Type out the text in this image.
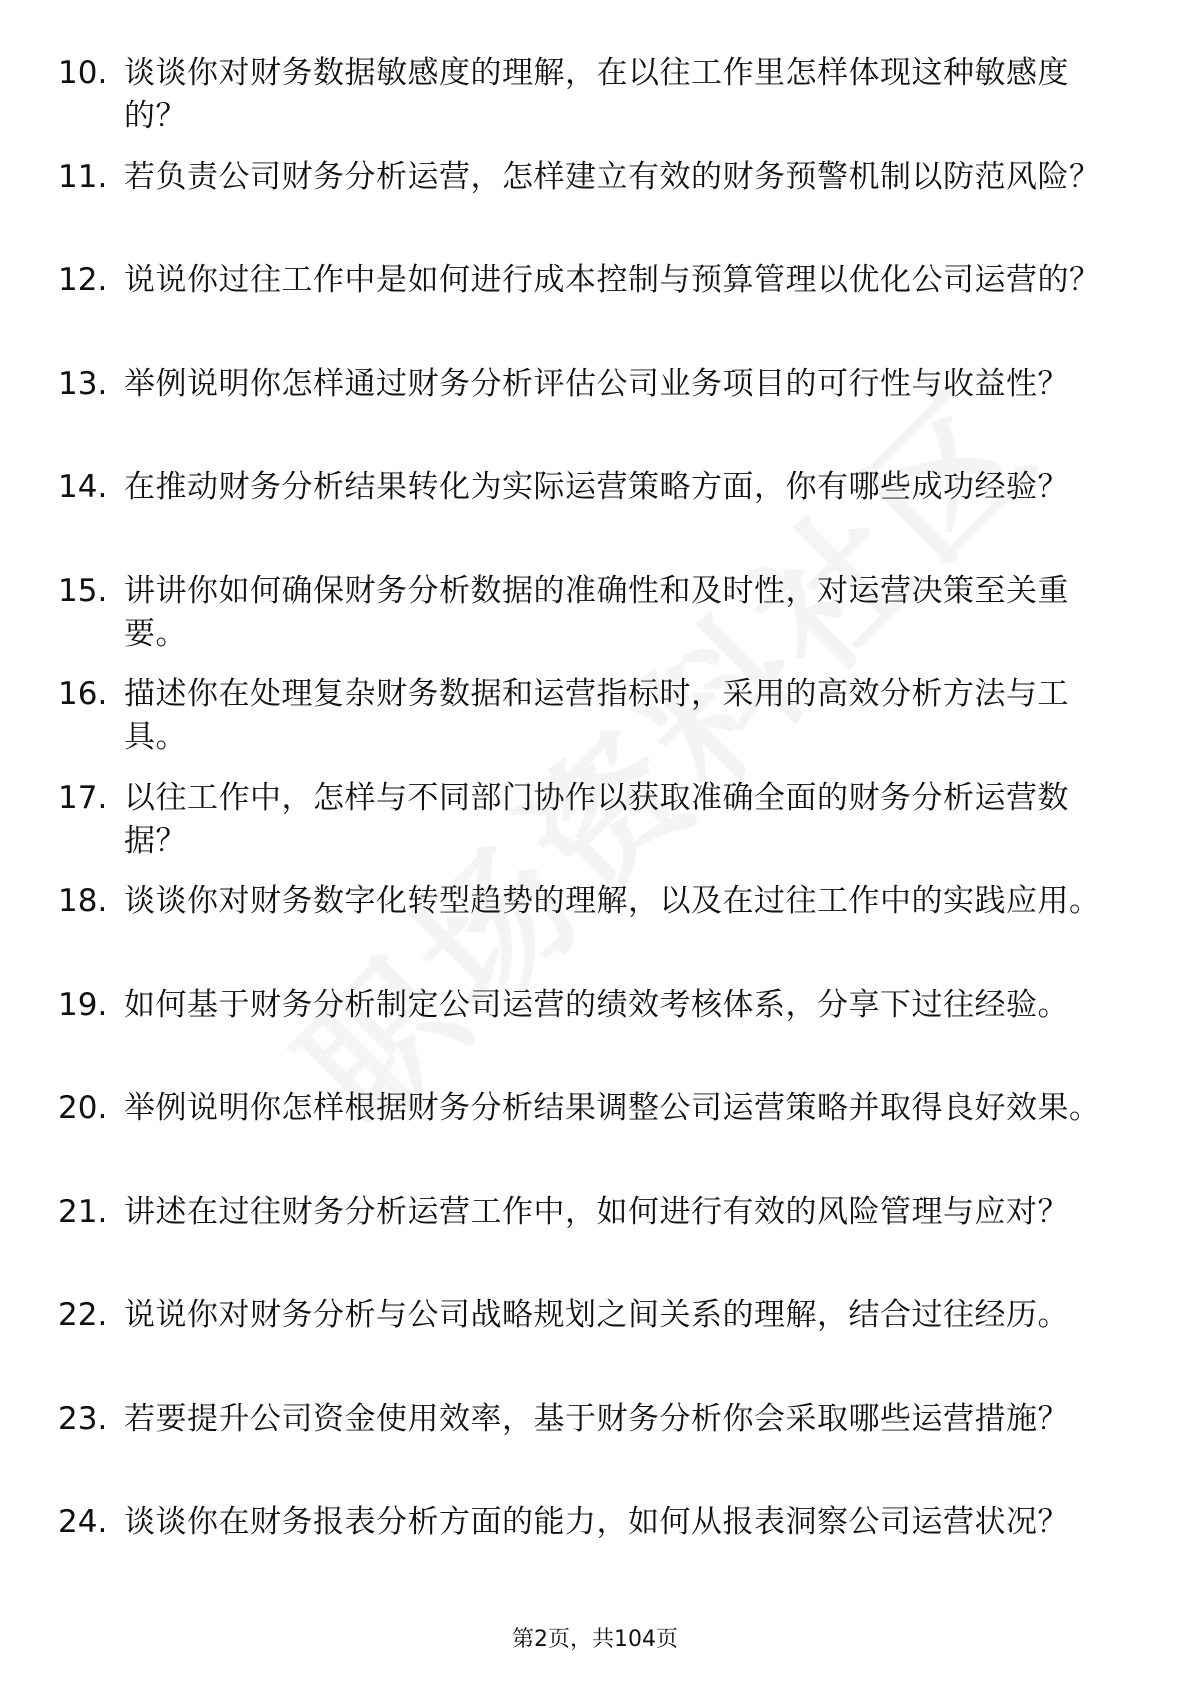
10. 谈谈你对财务数据敏感度的理解，在以往工作里怎样体现这种敏感度的？
11. 若负责公司财务分析运营，怎样建立有效的财务预警机制以防范风险？
12. 说说你过往工作中是如何进行成本控制与预算管理以优化公司运营的？
13. 举例说明你怎样通过财务分析评估公司业务项目的可行性与收益性？
14. 在推动财务分析结果转化为实际运营策略方面，你有哪些成功经验？
15. 讲讲你如何确保财务分析数据的准确性和及时性，对运营决策至关重要。
16. 描述你在处理复杂财务数据和运营指标时，采用的高效分析方法与工具。
17. 以往工作中，怎样与不同部门协作以获取准确全面的财务分析运营数据？
18. 谈谈你对财务数字化转型趋势的理解，以及在过往工作中的实践应用。
19. 如何基于财务分析制定公司运营的绩效考核体系，分享下过往经验。
20. 举例说明你怎样根据财务分析结果调整公司运营策略并取得良好效果。
21. 讲述在过往财务分析运营工作中，如何进行有效的风险管理与应对？
22. 说说你对财务分析与公司战略规划之间关系的理解，结合过往经历。
23. 若要提升公司资金使用效率，基于财务分析你会采取哪些运营措施？
24. 谈谈你在财务报表分析方面的能力，如何从报表洞察公司运营状况？
第2页，共104页
